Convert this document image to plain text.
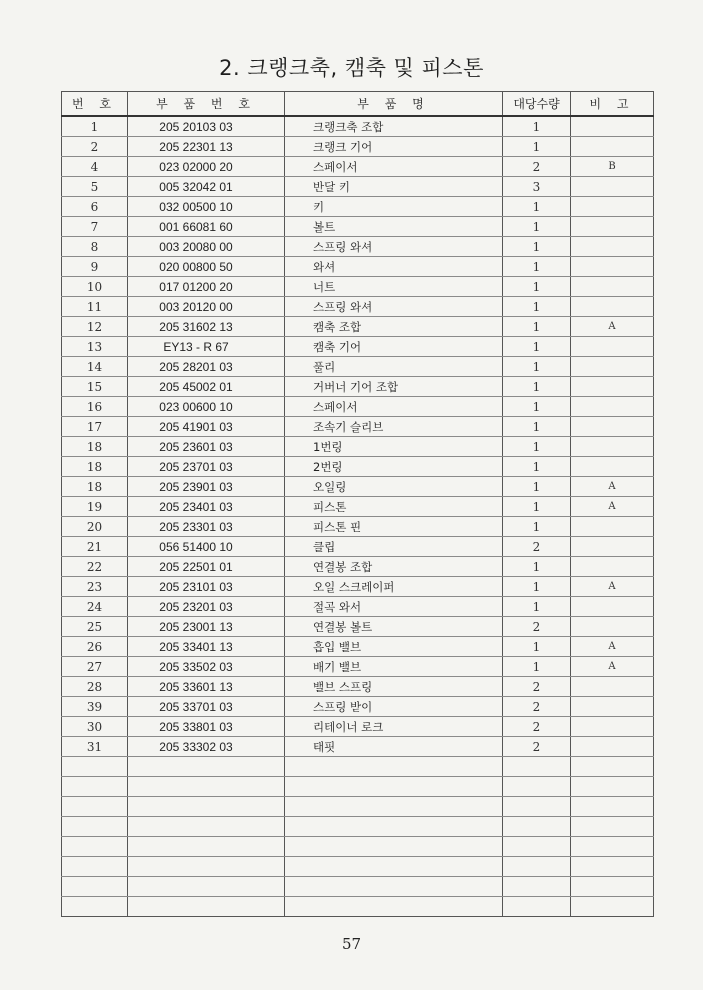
2. 크랭크축, 캠축 및 피스톤
번 호	부 품 번 호	부 품 명	대당수량	비 고
1	205 20103 03	크랭크축 조합	1	
2	205 22301 13	크랭크 기어	1	
4	023 02000 20	스페이서	2	B
5	005 32042 01	반달 키	3	
6	032 00500 10	키	1	
7	001 66081 60	볼트	1	
8	003 20080 00	스프링 와셔	1	
9	020 00800 50	와셔	1	
10	017 01200 20	너트	1	
11	003 20120 00	스프링 와셔	1	
12	205 31602 13	캠축 조합	1	A
13	EY13 - R 67	캠축 기어	1	
14	205 28201 03	풀리	1	
15	205 45002 01	거버너 기어 조합	1	
16	023 00600 10	스페이서	1	
17	205 41901 03	조속기 슬리브	1	
18	205 23601 03	1번링	1	
18	205 23701 03	2번링	1	
18	205 23901 03	오일링	1	A
19	205 23401 03	피스톤	1	A
20	205 23301 03	피스톤 핀	1	
21	056 51400 10	클립	2	
22	205 22501 01	연결봉 조합	1	
23	205 23101 03	오일 스크레이퍼	1	A
24	205 23201 03	절곡 와서	1	
25	205 23001 13	연결봉 볼트	2	
26	205 33401 13	흡입 밸브	1	A
27	205 33502 03	배기 밸브	1	A
28	205 33601 13	밸브 스프링	2	
39	205 33701 03	스프링 받이	2	
30	205 33801 03	리테이너 로크	2	
31	205 33302 03	태핏	2	

57
